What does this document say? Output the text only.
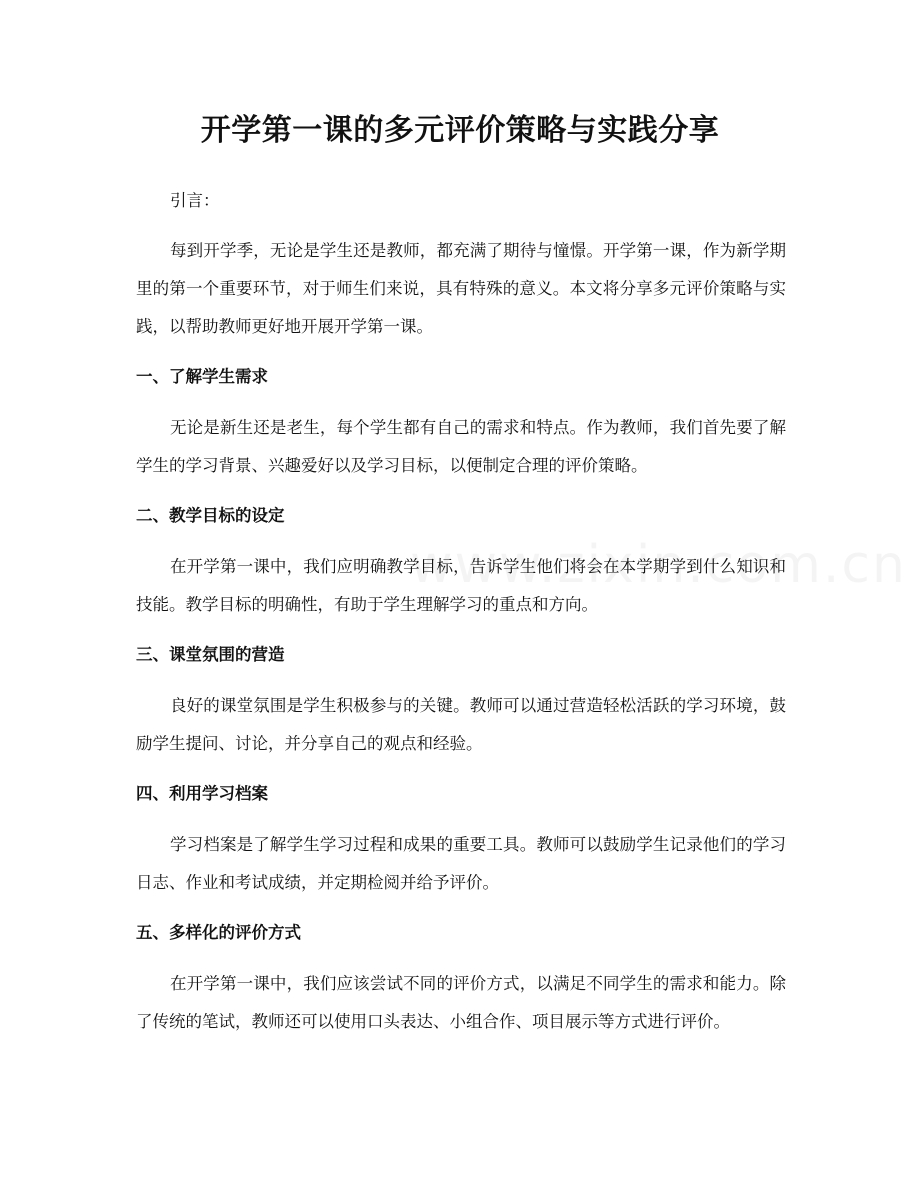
开学第一课的多元评价策略与实践分享

引言：

每到开学季，无论是学生还是教师，都充满了期待与憧憬。开学第一课，作为新学期里的第一个重要环节，对于师生们来说，具有特殊的意义。本文将分享多元评价策略与实践，以帮助教师更好地开展开学第一课。

一、了解学生需求

无论是新生还是老生，每个学生都有自己的需求和特点。作为教师，我们首先要了解学生的学习背景、兴趣爱好以及学习目标，以便制定合理的评价策略。

二、教学目标的设定

在开学第一课中，我们应明确教学目标，告诉学生他们将会在本学期学到什么知识和技能。教学目标的明确性，有助于学生理解学习的重点和方向。

三、课堂氛围的营造

良好的课堂氛围是学生积极参与的关键。教师可以通过营造轻松活跃的学习环境，鼓励学生提问、讨论，并分享自己的观点和经验。

四、利用学习档案

学习档案是了解学生学习过程和成果的重要工具。教师可以鼓励学生记录他们的学习日志、作业和考试成绩，并定期检阅并给予评价。

五、多样化的评价方式

在开学第一课中，我们应该尝试不同的评价方式，以满足不同学生的需求和能力。除了传统的笔试，教师还可以使用口头表达、小组合作、项目展示等方式进行评价。
